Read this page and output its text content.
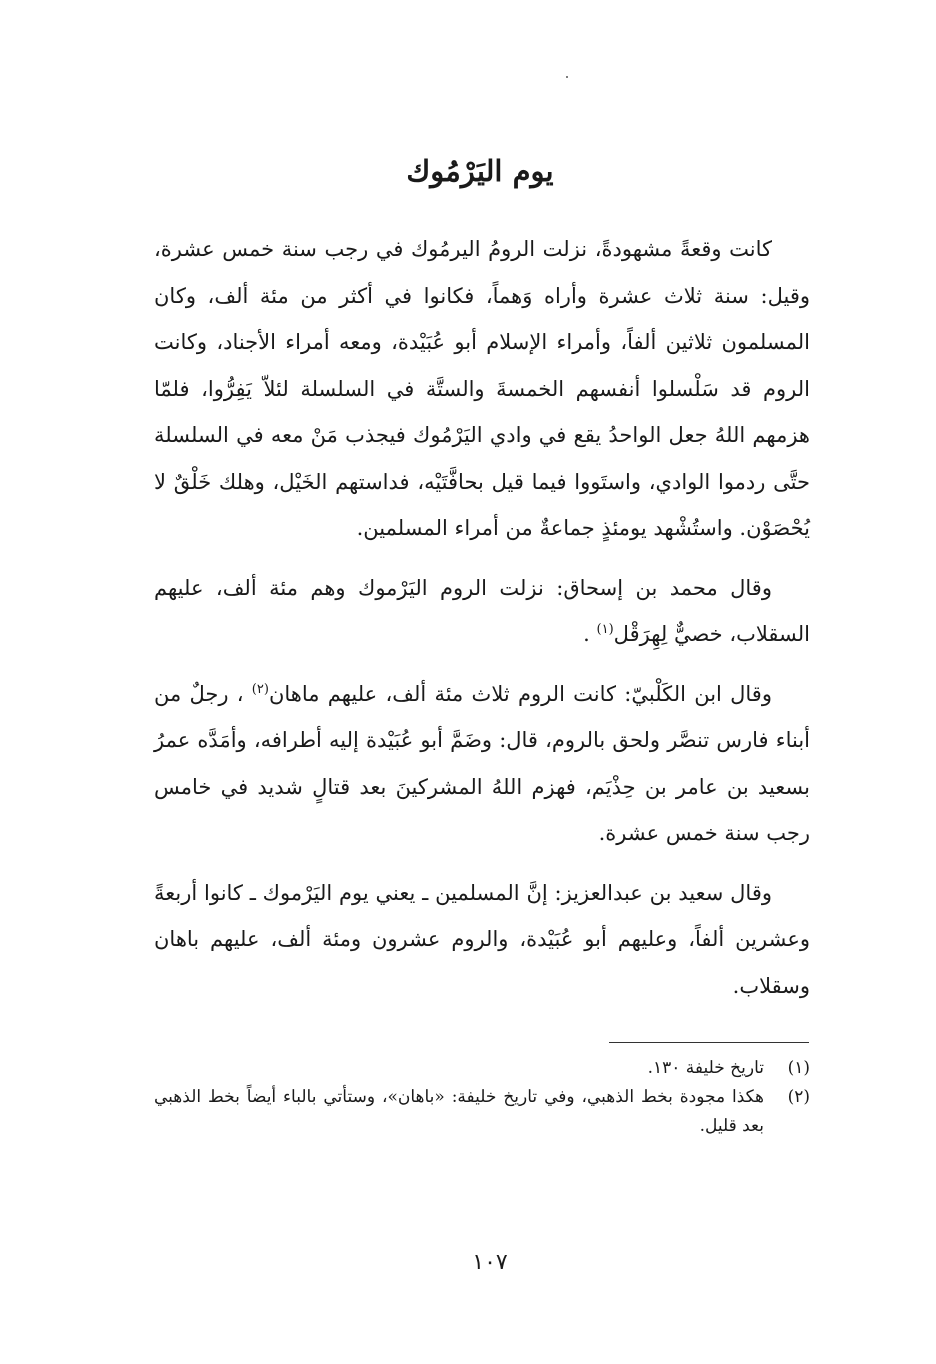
يوم اليَرْمُوك

كانت وقعةً مشهودةً، نزلت الرومُ اليرمُوك في رجب سنة خمس عشرة، وقيل: سنة ثلاث عشرة وأراه وَهماً، فكانوا في أكثر من مئة ألف، وكان المسلمون ثلاثين ألفاً، وأمراء الإسلام أبو عُبَيْدة، ومعه أمراء الأجناد، وكانت الروم قد سَلْسلوا أنفسهم الخمسةَ والستَّة في السلسلة لئلاّ يَفِرُّوا، فلمّا هزمهم اللهُ جعل الواحدُ يقع في وادي اليَرْمُوك فيجذب مَنْ معه في السلسلة حتَّى ردموا الوادي، واستَووا فيما قيل بحافَّتَيْه، فداستهم الخَيْل، وهلك خَلْقٌ لا يُحْصَوْن. واستُشْهد يومئذٍ جماعةٌ من أمراء المسلمين.

وقال محمد بن إسحاق: نزلت الروم اليَرْموك وهم مئة ألف، عليهم السقلاب، خصيٌّ لِهِرَقْل$^{(١)}$ .

وقال ابن الكَلْبيّ: كانت الروم ثلاث مئة ألف، عليهم ماهان$^{(٢)}$ ، رجلٌ من أبناء فارس تنصَّر ولحق بالروم، قال: وضَمَّ أبو عُبَيْدة إليه أطرافه، وأمَدَّه عمرُ بسعيد بن عامر بن حِذْيَم، فهزم اللهُ المشركينَ بعد قتالٍ شديد في خامس رجب سنة خمس عشرة.

وقال سعيد بن عبدالعزيز: إنَّ المسلمين ـ يعني يوم اليَرْموك ـ كانوا أربعةً وعشرين ألفاً، وعليهم أبو عُبَيْدة، والروم عشرون ومئة ألف، عليهم باهان وسقلاب.

(١)
تاريخ خليفة ١٣٠.
(٢)
هكذا مجودة بخط الذهبي، وفي تاريخ خليفة: «باهان»، وستأتي بالباء أيضاً بخط الذهبي بعد قليل.
١٠٧
